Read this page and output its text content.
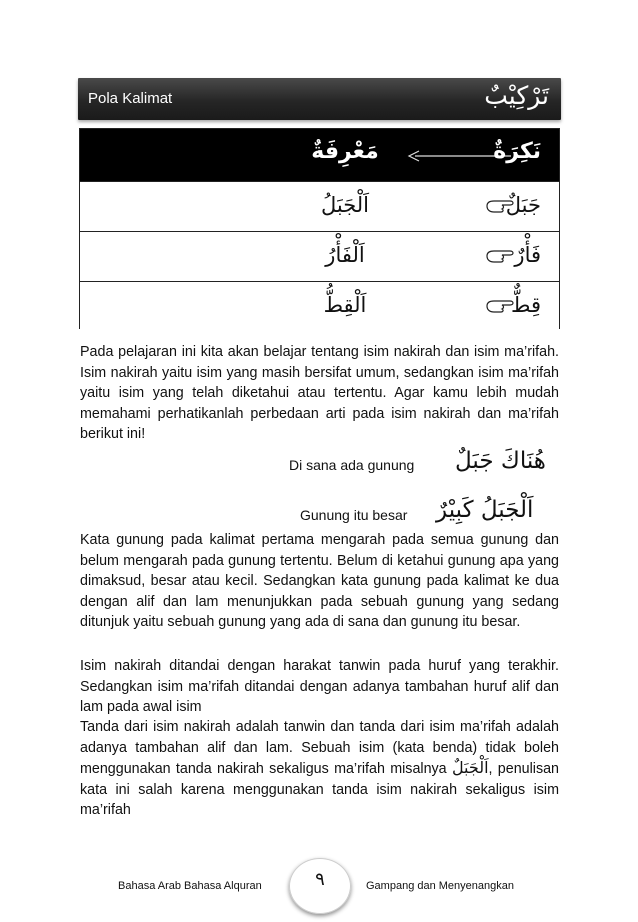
Pola Kalimat	تَرْكِيْبٌ
مَعْرِفَةٌ	نَكِرَةٌ
اَلْجَبَلُ	جَبَلٌ
اَلْفَأْرُ	فَأْرٌ
اَلْقِطُّ	قِطٌّ

Pada pelajaran ini kita akan belajar tentang isim nakirah dan isim ma’rifah. Isim nakirah yaitu isim yang masih bersifat umum, sedangkan isim ma’rifah yaitu isim yang telah diketahui atau tertentu. Agar kamu lebih mudah memahami perhatikanlah perbedaan arti pada isim nakirah dan ma’rifah berikut ini!

Di sana ada gunung هُنَاكَ جَبَلٌ
Gunung itu besar اَلْجَبَلُ كَبِيْرٌ

Kata gunung pada kalimat pertama mengarah pada semua gunung dan belum mengarah pada gunung tertentu. Belum di ketahui gunung apa yang dimaksud, besar atau kecil. Sedangkan kata gunung pada kalimat ke dua dengan alif dan lam menunjukkan pada sebuah gunung yang sedang ditunjuk yaitu sebuah gunung yang ada di sana dan gunung itu besar.

Isim nakirah ditandai dengan harakat tanwin pada huruf yang terakhir. Sedangkan isim ma’rifah ditandai dengan adanya tambahan huruf alif dan lam pada awal isim

Tanda dari isim nakirah adalah tanwin dan tanda dari isim ma’rifah adalah adanya tambahan alif dan lam. Sebuah isim (kata benda) tidak boleh menggunakan tanda nakirah sekaligus ma’rifah misalnya اَلْجَبَلٌ, penulisan kata ini salah karena menggunakan tanda isim nakirah sekaligus isim ma’rifah

Bahasa Arab Bahasa Alquran	٩	Gampang dan Menyenangkan
